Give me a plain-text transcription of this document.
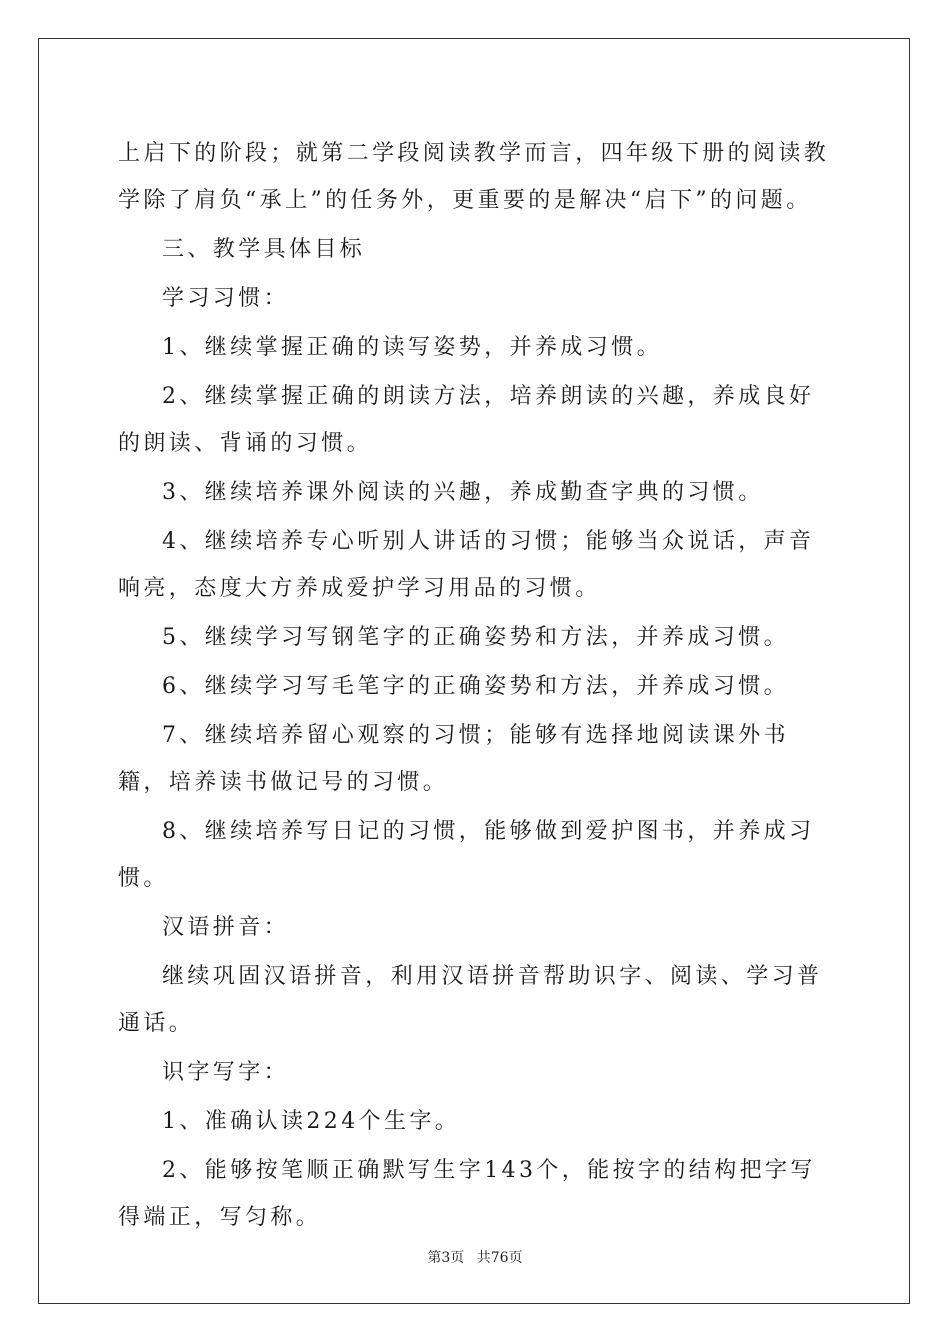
上启下的阶段；就第二学段阅读教学而言，四年级下册的阅读教学除了肩负“承上”的任务外，更重要的是解决“启下”的问题。

三、教学具体目标

学习习惯：

1、继续掌握正确的读写姿势，并养成习惯。

2、继续掌握正确的朗读方法，培养朗读的兴趣，养成良好的朗读、背诵的习惯。

3、继续培养课外阅读的兴趣，养成勤查字典的习惯。

4、继续培养专心听别人讲话的习惯；能够当众说话，声音响亮，态度大方养成爱护学习用品的习惯。

5、继续学习写钢笔字的正确姿势和方法，并养成习惯。

6、继续学习写毛笔字的正确姿势和方法，并养成习惯。

7、继续培养留心观察的习惯；能够有选择地阅读课外书籍，培养读书做记号的习惯。

8、继续培养写日记的习惯，能够做到爱护图书，并养成习惯。

汉语拼音：

继续巩固汉语拼音，利用汉语拼音帮助识字、阅读、学习普通话。

识字写字：

1、准确认读224个生字。

2、能够按笔顺正确默写生字143个，能按字的结构把字写得端正，写匀称。

第3页 共76页
